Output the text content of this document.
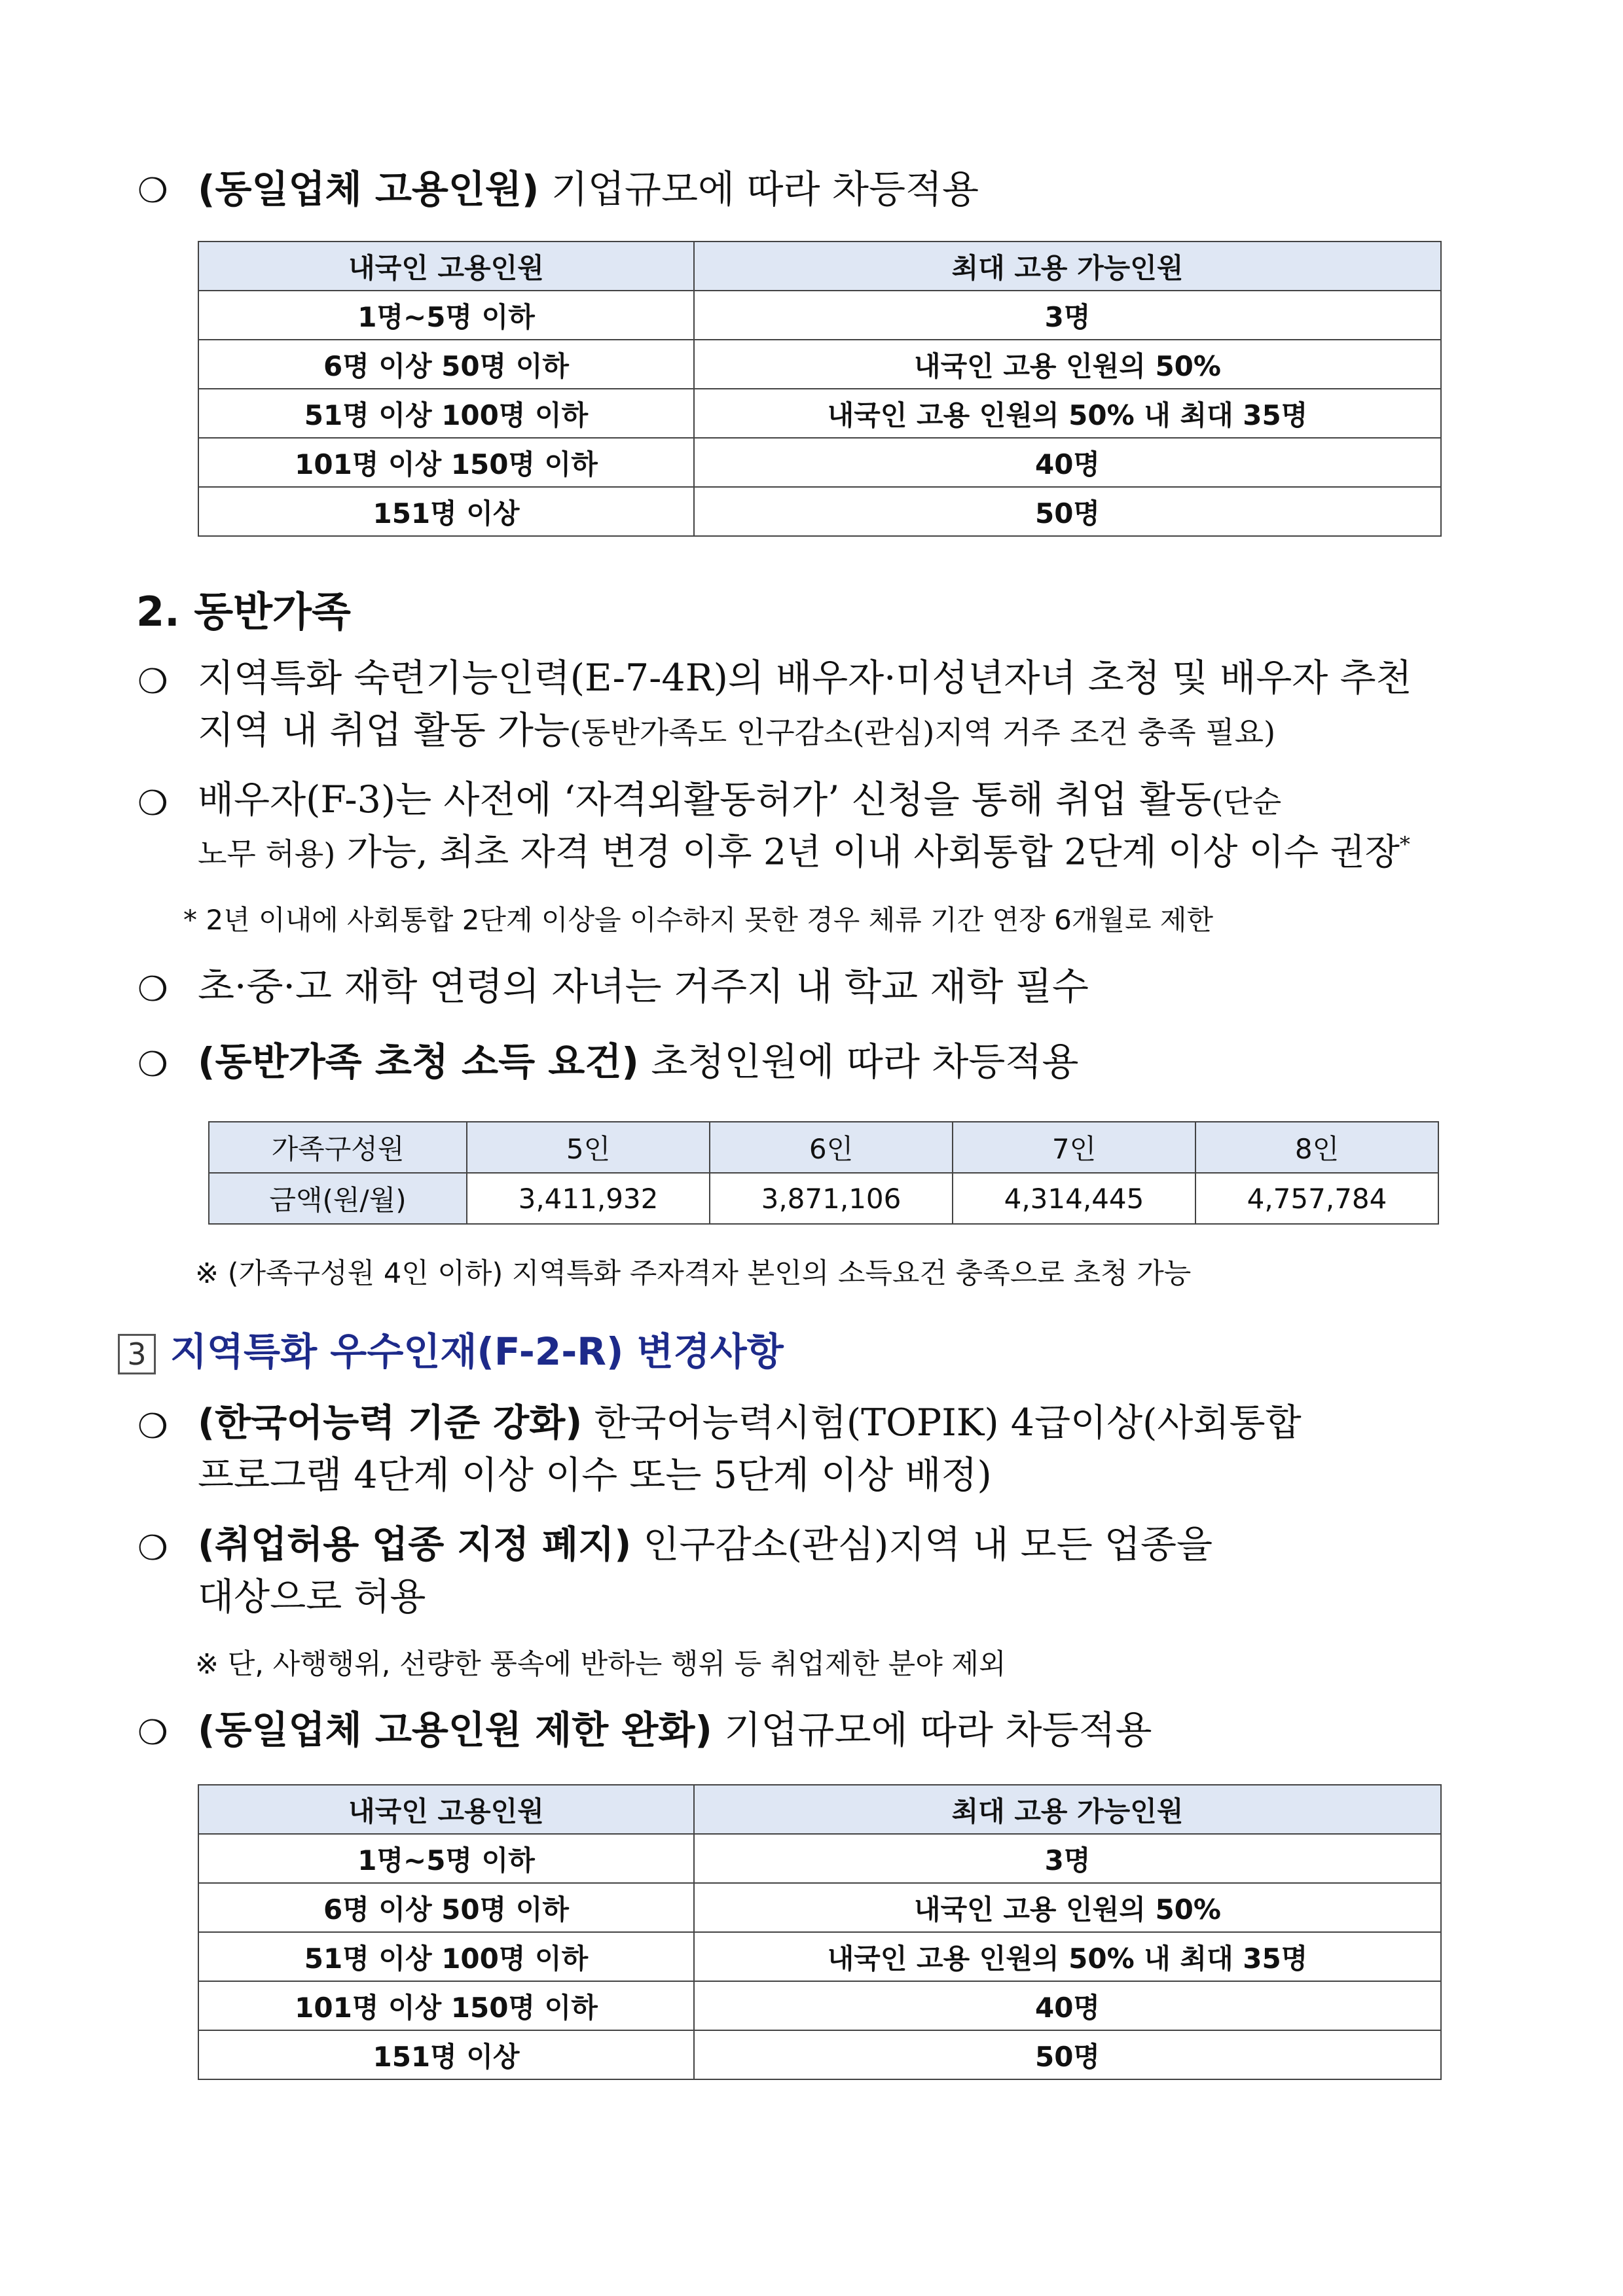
❍ (동일업체 고용인원) 기업규모에 따라 차등적용
내국인 고용인원	최대 고용 가능인원
1명~5명 이하	3명
6명 이상 50명 이하	내국인 고용 인원의 50%
51명 이상 100명 이하	내국인 고용 인원의 50% 내 최대 35명
101명 이상 150명 이하	40명
151명 이상	50명
2. 동반가족
❍ 지역특화 숙련기능인력(E-7-4R)의 배우자·미성년자녀 초청 및 배우자 추천
지역 내 취업 활동 가능(동반가족도 인구감소(관심)지역 거주 조건 충족 필요)
❍ 배우자(F-3)는 사전에 ‘자격외활동허가’ 신청을 통해 취업 활동(단순
노무 허용) 가능, 최초 자격 변경 이후 2년 이내 사회통합 2단계 이상 이수 권장*
* 2년 이내에 사회통합 2단계 이상을 이수하지 못한 경우 체류 기간 연장 6개월로 제한
❍ 초·중·고 재학 연령의 자녀는 거주지 내 학교 재학 필수
❍ (동반가족 초청 소득 요건) 초청인원에 따라 차등적용
가족구성원	5인	6인	7인	8인
금액(원/월)	3,411,932	3,871,106	4,314,445	4,757,784
※ (가족구성원 4인 이하) 지역특화 주자격자 본인의 소득요건 충족으로 초청 가능
3 지역특화 우수인재(F-2-R) 변경사항
❍ (한국어능력 기준 강화) 한국어능력시험(TOPIK) 4급이상(사회통합
프로그램 4단계 이상 이수 또는 5단계 이상 배정)
❍ (취업허용 업종 지정 폐지) 인구감소(관심)지역 내 모든 업종을
대상으로 허용
※ 단, 사행행위, 선량한 풍속에 반하는 행위 등 취업제한 분야 제외
❍ (동일업체 고용인원 제한 완화) 기업규모에 따라 차등적용
내국인 고용인원	최대 고용 가능인원
1명~5명 이하	3명
6명 이상 50명 이하	내국인 고용 인원의 50%
51명 이상 100명 이하	내국인 고용 인원의 50% 내 최대 35명
101명 이상 150명 이하	40명
151명 이상	50명
